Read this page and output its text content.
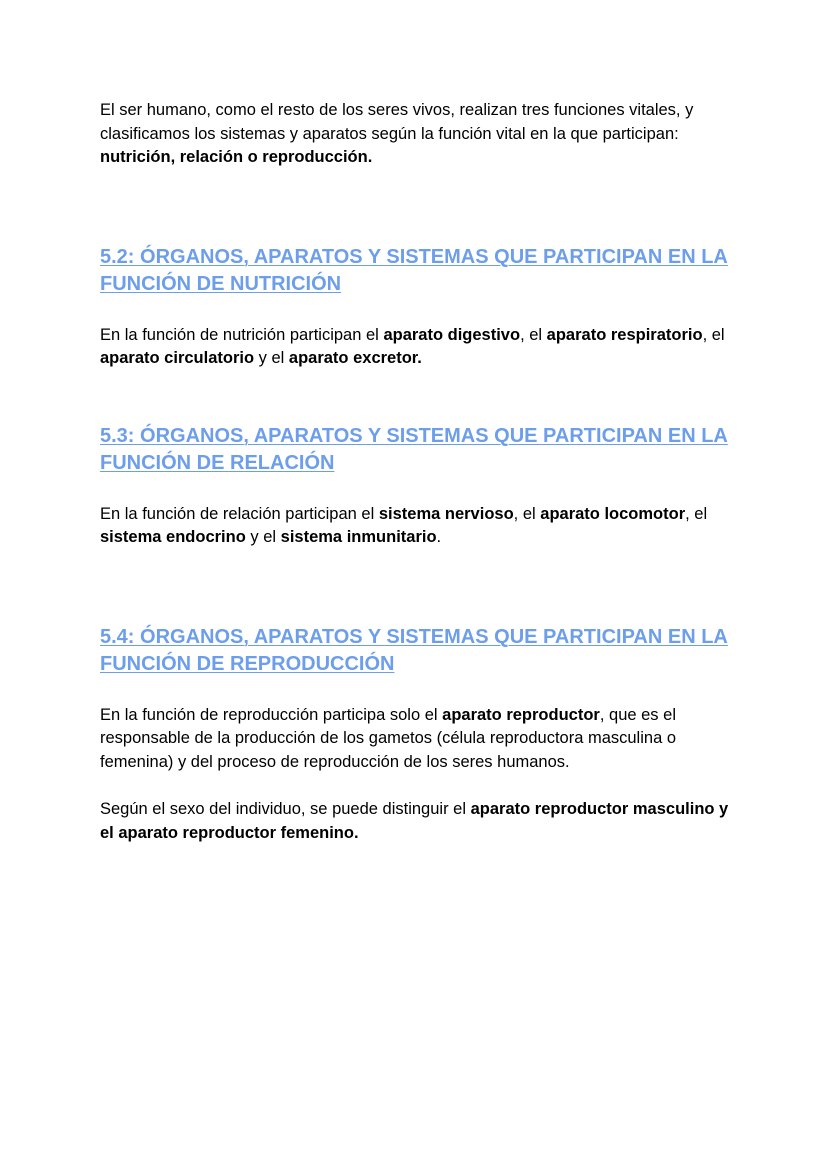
El ser humano, como el resto de los seres vivos, realizan tres funciones vitales, y clasificamos los sistemas y aparatos según la función vital en la que participan: nutrición, relación o reproducción.

5.2: ÓRGANOS, APARATOS Y SISTEMAS QUE PARTICIPAN EN LA FUNCIÓN DE NUTRICIÓN

En la función de nutrición participan el aparato digestivo, el aparato respiratorio, el aparato circulatorio y el aparato excretor.

5.3: ÓRGANOS, APARATOS Y SISTEMAS QUE PARTICIPAN EN LA FUNCIÓN DE RELACIÓN

En la función de relación participan el sistema nervioso, el aparato locomotor, el sistema endocrino y el sistema inmunitario.

5.4: ÓRGANOS, APARATOS Y SISTEMAS QUE PARTICIPAN EN LA FUNCIÓN DE REPRODUCCIÓN

En la función de reproducción participa solo el aparato reproductor, que es el responsable de la producción de los gametos (célula reproductora masculina o femenina) y del proceso de reproducción de los seres humanos.

Según el sexo del individuo, se puede distinguir el aparato reproductor masculino y el aparato reproductor femenino.
